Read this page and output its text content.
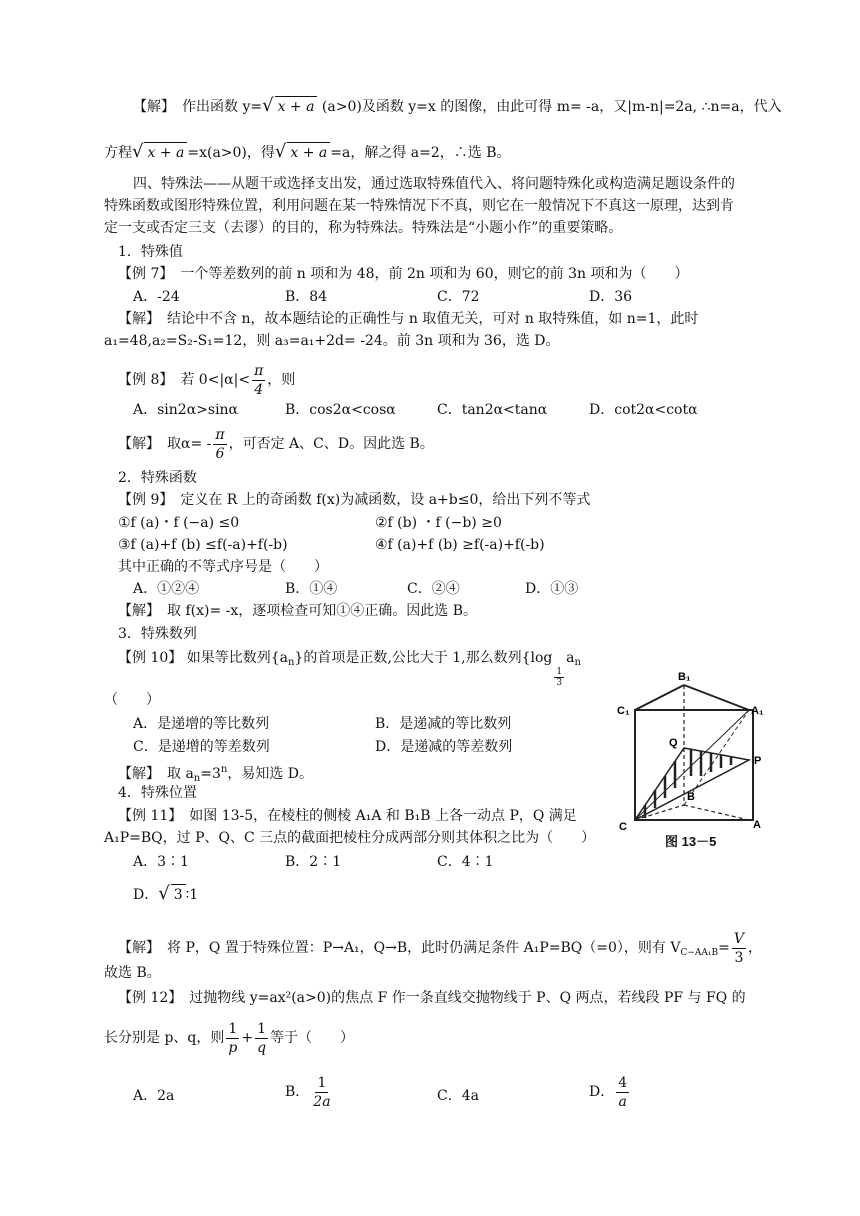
【解】　作出函数 y=√ x + a (a>0)及函数 y=x 的图像，由此可得 m= -a，又|m-n|=2a, ∴n=a，代入
方程√ x + a =x(a>0)，得√ x + a =a，解之得 a=2，∴选 B。
四、特殊法——从题干或选择支出发，通过选取特殊值代入、将问题特殊化或构造满足题设条件的
特殊函数或图形特殊位置，利用问题在某一特殊情况下不真，则它在一般情况下不真这一原理，达到肯
定一支或否定三支（去谬）的目的，称为特殊法。特殊法是“小题小作”的重要策略。
1．特殊值
【例 7】　一个等差数列的前 n 项和为 48，前 2n 项和为 60，则它的前 3n 项和为（　　）
A．-24	B．84	C．72	D．36
【解】　结论中不含 n，故本题结论的正确性与 n 取值无关，可对 n 取特殊值，如 n=1，此时
a₁=48,a₂=S₂-S₁=12，则 a₃=a₁+2d= -24。前 3n 项和为 36，选 D。
【例 8】　若 $0<|\alpha|< \frac{\pi}{4}$ ，则
A．sin2α>sinα	B．cos2α<cosα	C．tan2α<tanα	D．cot2α<cotα
【解】　取$\alpha= - \frac{\pi}{6}$ ，可否定 A、C、D。因此选 B。
2．特殊函数
【例 9】　定义在 R 上的奇函数 f(x)为减函数，设 a+b≤0，给出下列不等式
①f (a)・f (−a) ≤0	②f (b) ・f (−b) ≥0
③f (a)+f (b) ≤f(-a)+f(-b)	④f (a)+f (b) ≥f(-a)+f(-b)
其中正确的不等式序号是（　　）
A．①②④	B．①④	C．②④	D．①③
【解】　取 f(x)= -x，逐项检查可知①④正确。因此选 B。
3．特殊数列
【例 10】 如果等比数列$\{a_n\}$的首项是正数,公比大于 1,那么数列{log
$\frac{1}{3}$
$a_n$
（　　）
A．是递增的等比数列	B．是递减的等比数列
C．是递增的等差数列	D．是递减的等差数列
【解】　取 $a_n=3^n$，易知选 D。
4．特殊位置
【例 11】　如图 13-5，在棱柱的侧棱 A₁A 和 B₁B 上各一动点 P，Q 满足
A₁P=BQ，过 P、Q、C 三点的截面把棱柱分成两部分则其体积之比为（　　）
A．3∶1	B．2∶1	C．4∶1
D．√ 3 ∶1
【解】　将 P，Q 置于特殊位置：P→A₁，Q→B，此时仍满足条件 A₁P=BQ（=0），则有 $V_{C-AA_1B}= \frac{V}{3}$ ，
故选 B。
【例 12】　过抛物线 y=ax²(a>0)的焦点 F 作一条直线交抛物线于 P、Q 两点，若线段 PF 与 FQ 的
长分别是 p、q，则 $\frac{1}{p} + \frac{1}{q}$ 等于（　　）
A．2a	B． $\frac{1}{2a}$	C．4a	D． $\frac{4}{a}$
B₁
C₁	A₁
Q
P
B
C	A
图 13－5
